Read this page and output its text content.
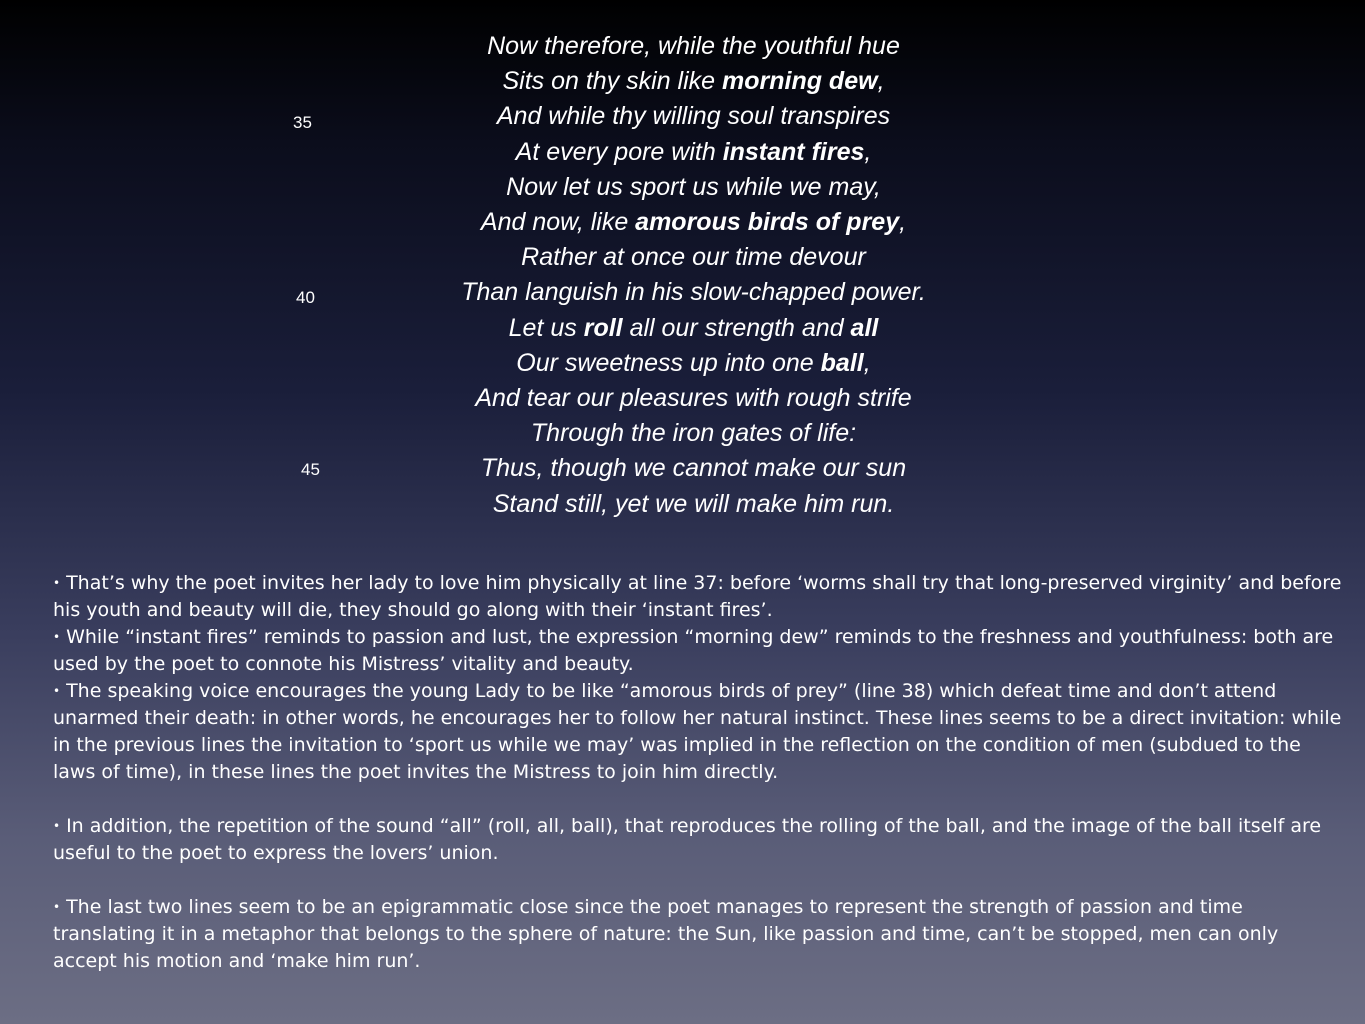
Now therefore, while the youthful hue
Sits on thy skin like morning dew,
And while thy willing soul transpires
At every pore with instant fires,
Now let us sport us while we may,
And now, like amorous birds of prey,
Rather at once our time devour
Than languish in his slow-chapped power.
Let us roll all our strength and all
Our sweetness up into one ball,
And tear our pleasures with rough strife
Through the iron gates of life:
Thus, though we cannot make our sun
Stand still, yet we will make him run.
35
40
45

• That’s why the poet invites her lady to love him physically at line 37: before ‘worms shall try that long-preserved virginity’ and before his youth and beauty will die, they should go along with their ‘instant fires’.

• While “instant fires” reminds to passion and lust, the expression “morning dew” reminds to the freshness and youthfulness: both are used by the poet to connote his Mistress’ vitality and beauty.

• The speaking voice encourages the young Lady to be like “amorous birds of prey” (line 38) which defeat time and don’t attend unarmed their death: in other words, he encourages her to follow her natural instinct. These lines seems to be a direct invitation: while in the previous lines the invitation to ‘sport us while we may’ was implied in the reflection on the condition of men (subdued to the laws of time), in these lines the poet invites the Mistress to join him directly.

• In addition, the repetition of the sound “all” (roll, all, ball), that reproduces the rolling of the ball, and the image of the ball itself are useful to the poet to express the lovers’ union.

• The last two lines seem to be an epigrammatic close since the poet manages to represent the strength of passion and time translating it in a metaphor that belongs to the sphere of nature: the Sun, like passion and time, can’t be stopped, men can only accept his motion and ‘make him run’.
